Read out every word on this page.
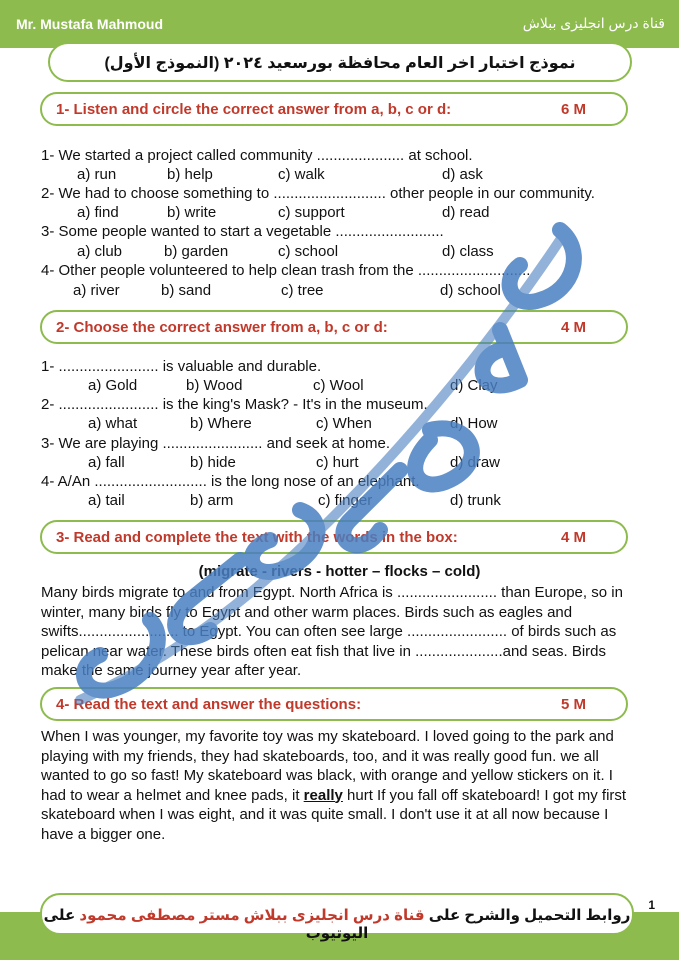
Mr. Mustafa Mahmoud	قناة درس انجليزى ببلاش
نموذج اختبار اخر العام محافظة بورسعيد ٢٠٢٤ (النموذج الأول)
1- Listen and circle the correct answer from a, b, c or d:	6 M
1- We started a project called community ..................... at school.
a) run	b) help	c) walk	d) ask
2- We had to choose something to ........................... other people in our community.
a) find	b) write	c) support	d) read
3- Some people wanted to start a vegetable ..........................
a) club	b) garden	c) school	d) class
4- Other people volunteered to help clean trash from the ...........................
a) river	b) sand	c) tree	d) school
2- Choose the correct answer from a, b, c or d:	4 M
1- ........................ is valuable and durable.
a) Gold	b) Wood	c) Wool	d) Clay
2- ........................ is the king's Mask? - It's in the museum.
a) what	b) Where	c) When	d) How
3- We are playing ........................ and seek at home.
a) fall	b) hide	c) hurt	d) draw
4- A/An ........................... is the long nose of an elephant.
a) tail	b) arm	c) finger	d) trunk
3- Read and complete the text with the words in the box:	4 M
(migrate - rivers - hotter – flocks – cold)
Many birds migrate to and from Egypt. North Africa is ........................ than Europe, so in winter, many birds fly to Egypt and other warm places. Birds such as eagles and swifts........................ to Egypt. You can often see large ........................ of birds such as pelican near water. These birds often eat fish that live in .....................and seas. Birds make the same journey year after year.
4- Read the text and answer the questions:	5 M
When I was younger, my favorite toy was my skateboard. I loved going to the park and playing with my friends, they had skateboards, too, and it was really good fun. we all wanted to go so fast! My skateboard was black, with orange and yellow stickers on it. I had to wear a helmet and knee pads, it really hurt If you fall off skateboard! I got my first skateboard when I was eight, and it was quite small. I don't use it at all now because I have a bigger one.
روابط التحميل والشرح على قناة درس انجليزى ببلاش مستر مصطفى محمود على اليوتيوب
1
